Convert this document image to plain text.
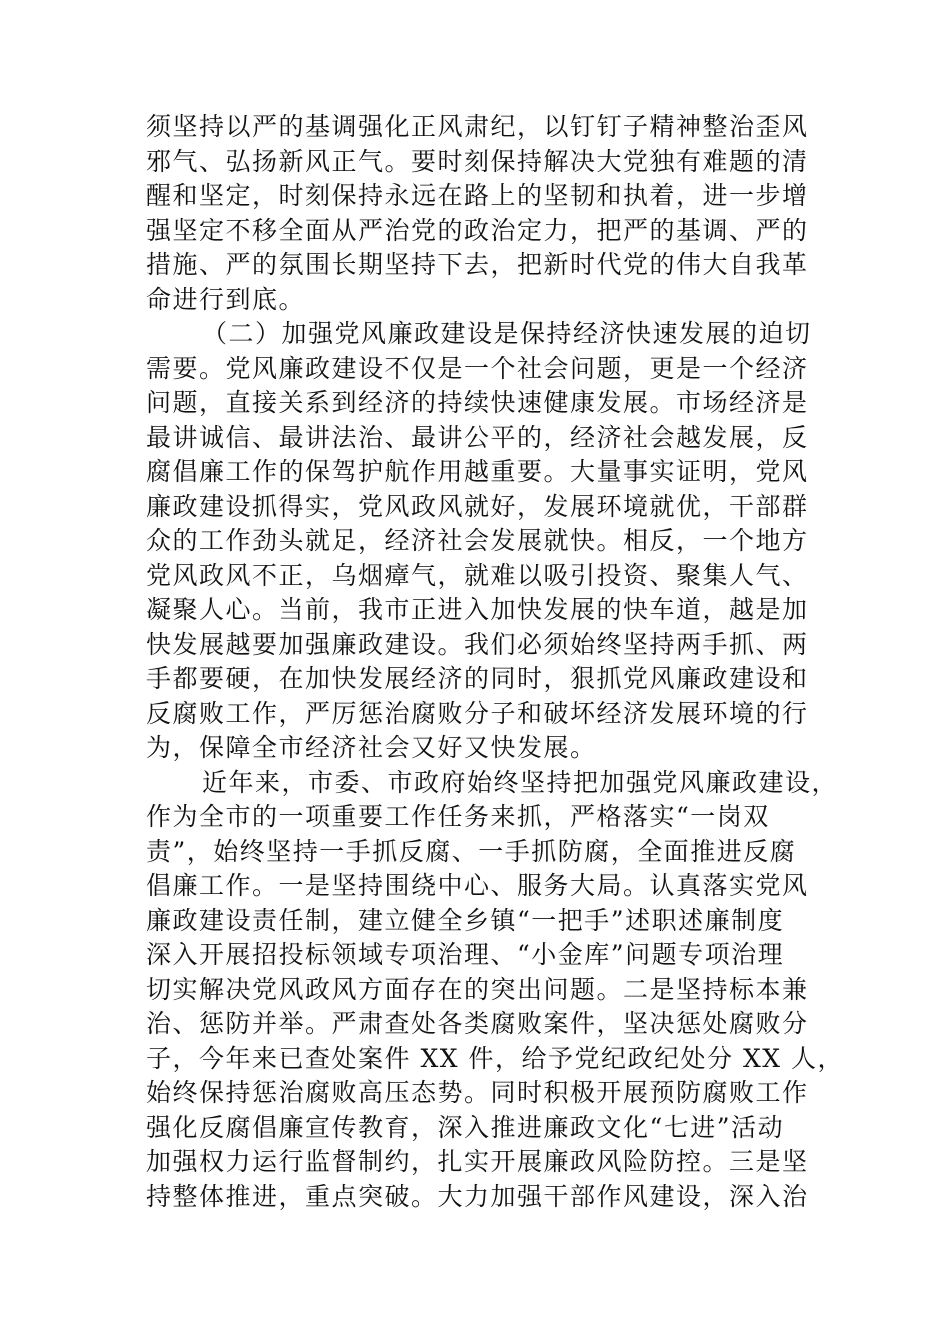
须坚持以严的基调强化正风肃纪，以钉钉子精神整治歪风
邪气、弘扬新风正气。要时刻保持解决大党独有难题的清
醒和坚定，时刻保持永远在路上的坚韧和执着，进一步增
强坚定不移全面从严治党的政治定力，把严的基调、严的
措施、严的氛围长期坚持下去，把新时代党的伟大自我革
命进行到底。
（二）加强党风廉政建设是保持经济快速发展的迫切
需要。党风廉政建设不仅是一个社会问题，更是一个经济
问题，直接关系到经济的持续快速健康发展。市场经济是
最讲诚信、最讲法治、最讲公平的，经济社会越发展，反
腐倡廉工作的保驾护航作用越重要。大量事实证明，党风
廉政建设抓得实，党风政风就好，发展环境就优，干部群
众的工作劲头就足，经济社会发展就快。相反，一个地方
党风政风不正，乌烟瘴气，就难以吸引投资、聚集人气、
凝聚人心。当前，我市正进入加快发展的快车道，越是加
快发展越要加强廉政建设。我们必须始终坚持两手抓、两
手都要硬，在加快发展经济的同时，狠抓党风廉政建设和
反腐败工作，严厉惩治腐败分子和破坏经济发展环境的行
为，保障全市经济社会又好又快发展。
近年来，市委、市政府始终坚持把加强党风廉政建设，
作为全市的一项重要工作任务来抓，严格落实“一岗双
责”，始终坚持一手抓反腐、一手抓防腐，全面推进反腐
倡廉工作。一是坚持围绕中心、服务大局。认真落实党风
廉政建设责任制，建立健全乡镇“一把手”述职述廉制度
深入开展招投标领域专项治理、“小金库”问题专项治理
切实解决党风政风方面存在的突出问题。二是坚持标本兼
治、惩防并举。严肃查处各类腐败案件，坚决惩处腐败分
子，今年来已查处案件 XX 件，给予党纪政纪处分 XX 人，
始终保持惩治腐败高压态势。同时积极开展预防腐败工作
强化反腐倡廉宣传教育，深入推进廉政文化“七进”活动
加强权力运行监督制约，扎实开展廉政风险防控。三是坚
持整体推进，重点突破。大力加强干部作风建设，深入治
